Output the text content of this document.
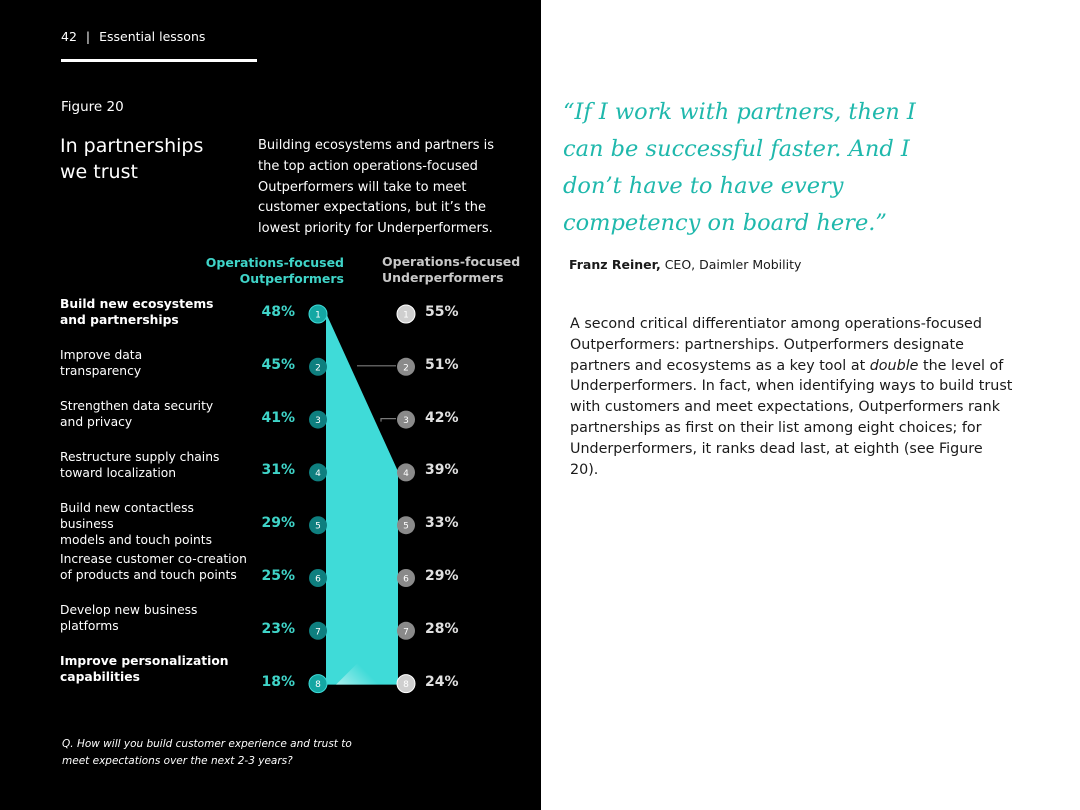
42 | Essential lessons
Figure 20
In partnerships
we trust
Building ecosystems and partners is the top action operations-focused Outperformers will take to meet customer expectations, but it’s the lowest priority for Underperformers.
Operations-focused
Outperformers
Operations-focused
Underperformers
1	1
2	2
3	3
4	4
5	5
6	6
7	7
8	8
Build new ecosystems
and partnerships	48%	55%
Improve data
transparency	45%	51%
Strengthen data security
and privacy	41%	42%
Restructure supply chains
toward localization	31%	39%
Build new contactless business
models and touch points
29%	33%
Increase customer co-creation
of products and touch points	25%	29%
Develop new business
platforms	23%	28%
Improve personalization
capabilities	18%	24%
Q. How will you build customer experience and trust to meet expectations over the next 2-3 years?
“If I work with partners, then I can be successful faster. And I don’t have to have every competency on board here.”
Franz Reiner, CEO, Daimler Mobility
A second critical differentiator among operations-focused Outperformers: partnerships. Outperformers designate partners and ecosystems as a key tool at double the level of Underperformers. In fact, when identifying ways to build trust with customers and meet expectations, Outperformers rank partnerships as first on their list among eight choices; for Underperformers, it ranks dead last, at eighth (see Figure 20).
